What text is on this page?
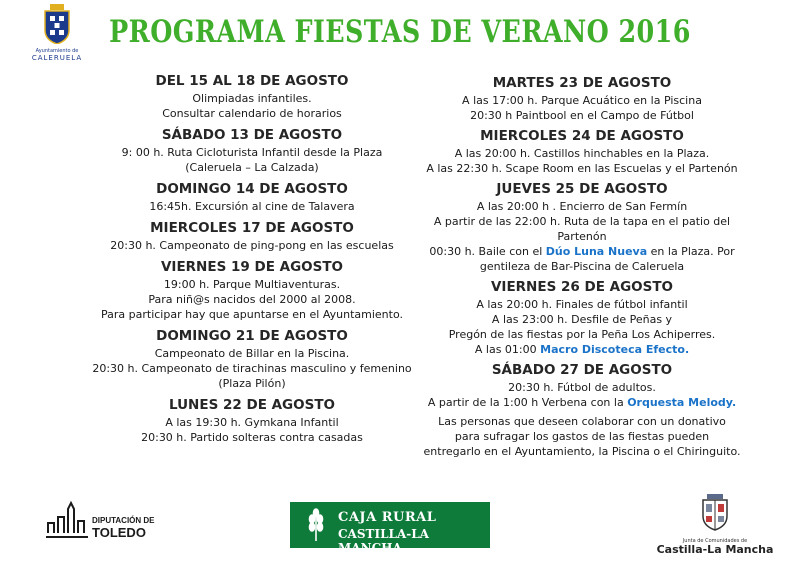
Ayuntamiento de
CALERUELA
PROGRAMA FIESTAS DE VERANO 2016
DEL 15 AL 18 DE AGOSTO
Olimpiadas infantiles.
Consultar calendario de horarios
SÁBADO 13 DE AGOSTO
9: 00 h. Ruta Cicloturista Infantil desde la Plaza
(Caleruela – La Calzada)
DOMINGO 14 DE AGOSTO
16:45h. Excursión al cine de Talavera
MIERCOLES 17 DE AGOSTO
20:30 h. Campeonato de ping-pong en las escuelas
VIERNES 19 DE AGOSTO
19:00 h. Parque Multiaventuras.
Para niñ@s nacidos del 2000 al 2008.
Para participar hay que apuntarse en el Ayuntamiento.
DOMINGO 21 DE AGOSTO
Campeonato de Billar en la Piscina.
20:30 h. Campeonato de tirachinas masculino y femenino
(Plaza Pilón)
LUNES 22 DE AGOSTO
A las 19:30 h. Gymkana Infantil
20:30 h. Partido solteras contra casadas
MARTES 23 DE AGOSTO
A las 17:00 h. Parque Acuático en la Piscina
20:30 h Paintbool en el Campo de Fútbol
MIERCOLES 24 DE AGOSTO
A las 20:00 h. Castillos hinchables en la Plaza.
A las 22:30 h. Scape Room en las Escuelas y el Partenón
JUEVES 25 DE AGOSTO
A las 20:00 h . Encierro de San Fermín
A partir de las 22:00 h. Ruta de la tapa en el patio del
Partenón
00:30 h. Baile con el Dúo Luna Nueva en la Plaza. Por
gentileza de Bar-Piscina de Caleruela
VIERNES 26 DE AGOSTO
A las 20:00 h. Finales de fútbol infantil
A las 23:00 h. Desfile de Peñas y
Pregón de las fiestas por la Peña Los Achiperres.
A las 01:00 Macro Discoteca Efecto.
SÁBADO 27 DE AGOSTO
20:30 h. Fútbol de adultos.
A partir de la 1:00 h Verbena con la Orquesta Melody.
Las personas que deseen colaborar con un donativo
para sufragar los gastos de las fiestas pueden
entregarlo en el Ayuntamiento, la Piscina o el Chiringuito.
DIPUTACIÓN DE
TOLEDO
CAJA RURAL
CASTILLA-LA MANCHA	Junta de Comunidades de
Castilla-La Mancha
